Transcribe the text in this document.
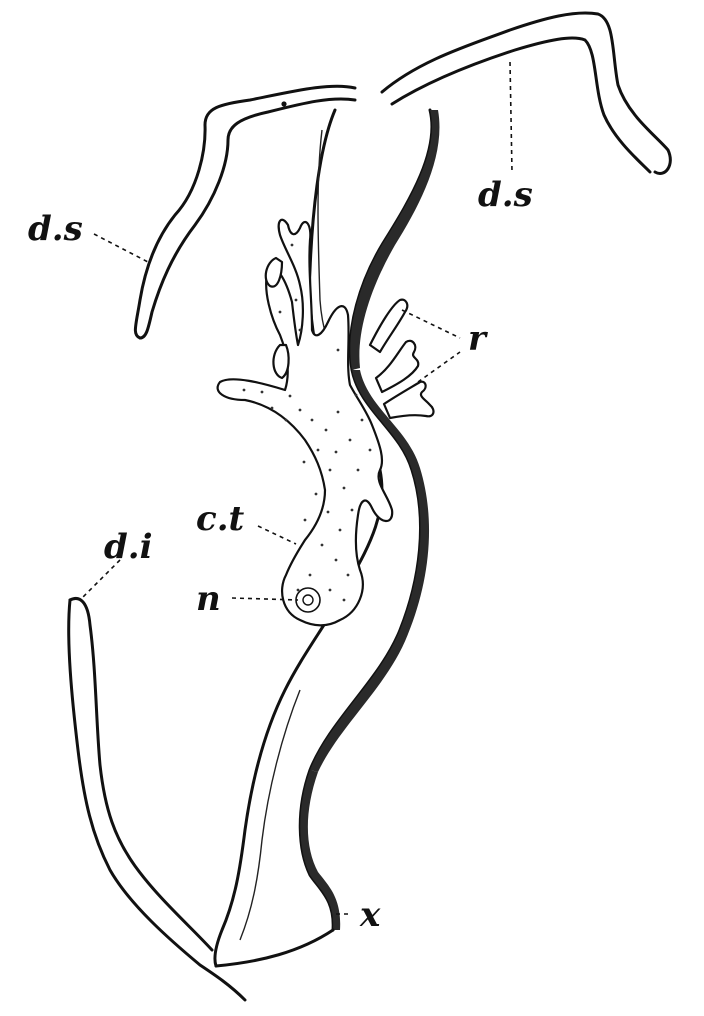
d.s
d.s
r
c.t
d.i
n
x
